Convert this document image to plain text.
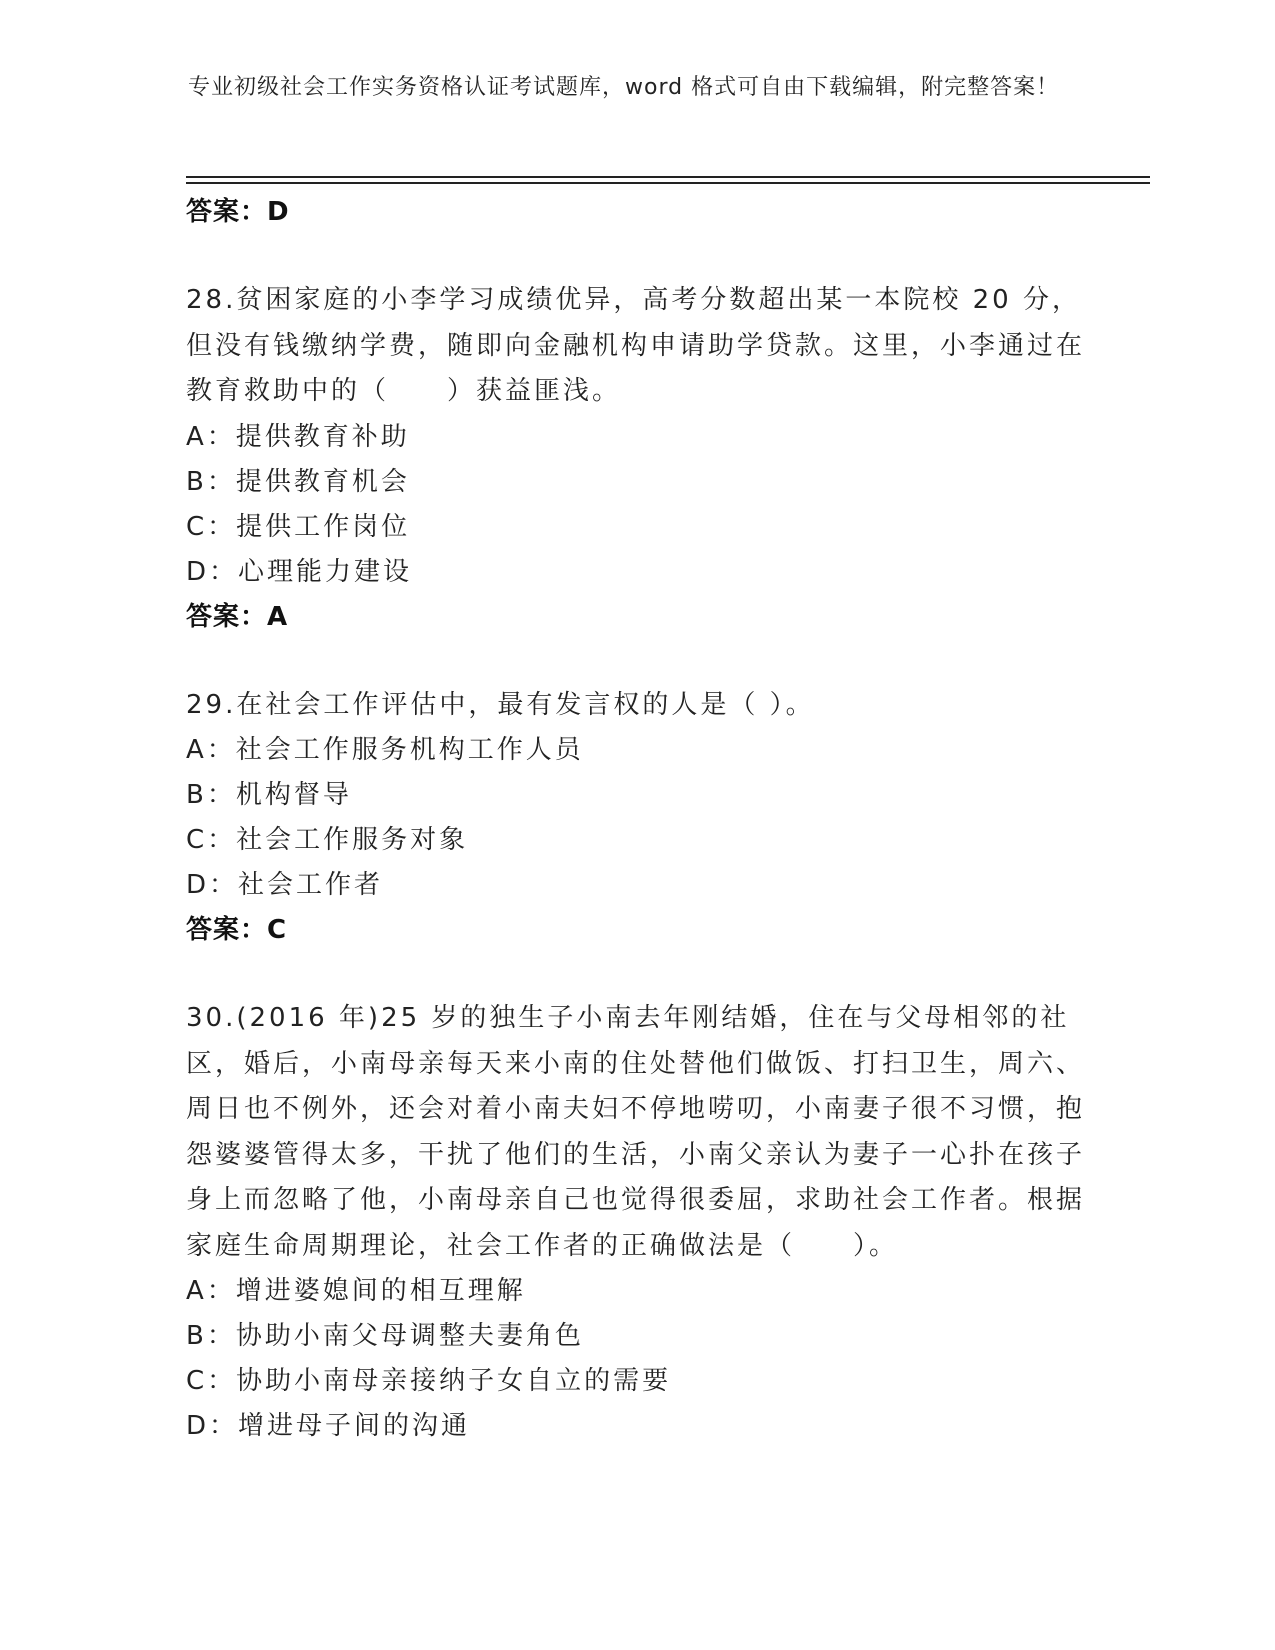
专业初级社会工作实务资格认证考试题库，word 格式可自由下载编辑，附完整答案！
答案：D
28.贫困家庭的小李学习成绩优异，高考分数超出某一本院校 20 分，但没有钱缴纳学费，随即向金融机构申请助学贷款。这里，小李通过在教育救助中的（　　）获益匪浅。
A：提供教育补助
B：提供教育机会
C：提供工作岗位
D：心理能力建设
答案：A
29.在社会工作评估中，最有发言权的人是（ ）。
A：社会工作服务机构工作人员
B：机构督导
C：社会工作服务对象
D：社会工作者
答案：C
30.(2016 年)25 岁的独生子小南去年刚结婚，住在与父母相邻的社区，婚后，小南母亲每天来小南的住处替他们做饭、打扫卫生，周六、周日也不例外，还会对着小南夫妇不停地唠叨，小南妻子很不习惯，抱怨婆婆管得太多，干扰了他们的生活，小南父亲认为妻子一心扑在孩子身上而忽略了他，小南母亲自己也觉得很委屈，求助社会工作者。根据家庭生命周期理论，社会工作者的正确做法是（　　）。
A：增进婆媳间的相互理解
B：协助小南父母调整夫妻角色
C：协助小南母亲接纳子女自立的需要
D：增进母子间的沟通
